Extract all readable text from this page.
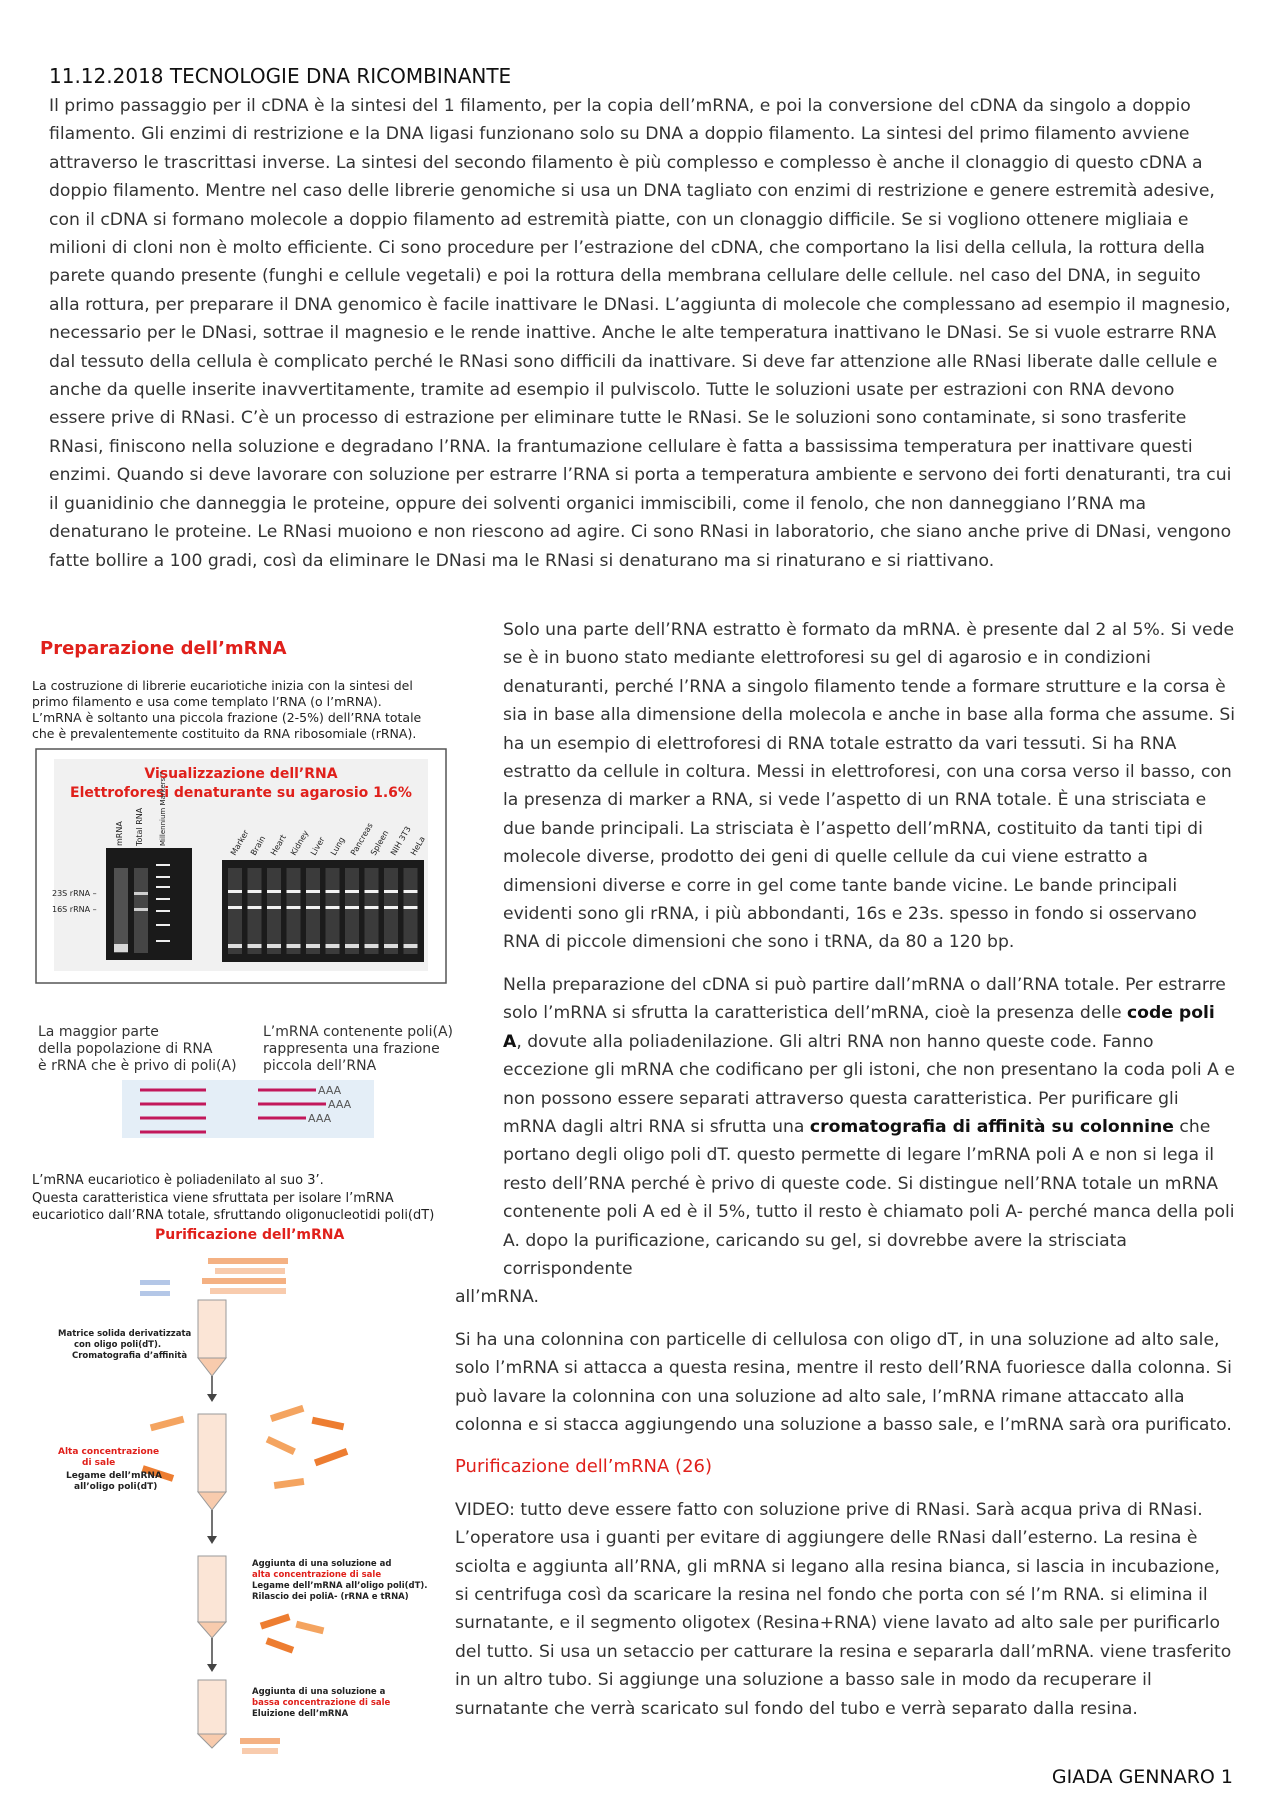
11.12.2018 TECNOLOGIE DNA RICOMBINANTE
Il primo passaggio per il cDNA è la sintesi del 1 filamento, per la copia dell’mRNA, e poi la conversione del cDNA da singolo a doppio filamento. Gli enzimi di restrizione e la DNA ligasi funzionano solo su DNA a doppio filamento. La sintesi del primo filamento avviene attraverso le trascrittasi inverse. La sintesi del secondo filamento è più complesso e complesso è anche il clonaggio di questo cDNA a doppio filamento. Mentre nel caso delle librerie genomiche si usa un DNA tagliato con enzimi di restrizione e genere estremità adesive, con il cDNA si formano molecole a doppio filamento ad estremità piatte, con un clonaggio difficile. Se si vogliono ottenere migliaia e milioni di cloni non è molto efficiente. Ci sono procedure per l’estrazione del cDNA, che comportano la lisi della cellula, la rottura della parete quando presente (funghi e cellule vegetali) e poi la rottura della membrana cellulare delle cellule. nel caso del DNA, in seguito alla rottura, per preparare il DNA genomico è facile inattivare le DNasi. L’aggiunta di molecole che complessano ad esempio il magnesio, necessario per le DNasi, sottrae il magnesio e le rende inattive. Anche le alte temperatura inattivano le DNasi. Se si vuole estrarre RNA dal tessuto della cellula è complicato perché le RNasi sono difficili da inattivare. Si deve far attenzione alle RNasi liberate dalle cellule e anche da quelle inserite inavvertitamente, tramite ad esempio il pulviscolo. Tutte le soluzioni usate per estrazioni con RNA devono essere prive di RNasi. C’è un processo di estrazione per eliminare tutte le RNasi. Se le soluzioni sono contaminate, si sono trasferite RNasi, finiscono nella soluzione e degradano l’RNA. la frantumazione cellulare è fatta a bassissima temperatura per inattivare questi enzimi. Quando si deve lavorare con soluzione per estrarre l’RNA si porta a temperatura ambiente e servono dei forti denaturanti, tra cui il guanidinio che danneggia le proteine, oppure dei solventi organici immiscibili, come il fenolo, che non danneggiano l’RNA ma denaturano le proteine. Le RNasi muoiono e non riescono ad agire. Ci sono RNasi in laboratorio, che siano anche prive di DNasi, vengono fatte bollire a 100 gradi, così da eliminare le DNasi ma le RNasi si denaturano ma si rinaturano e si riattivano.
Preparazione dell’mRNA
La costruzione di librerie eucariotiche inizia con la sintesi del
primo filamento e usa come templato l’RNA (o l’mRNA).
L’mRNA è soltanto una piccola frazione (2-5%) dell’RNA totale
che è prevalentemente costituito da RNA ribosomiale (rRNA).
Visualizzazione dell’RNA
Elettroforesi denaturante su agarosio 1.6%
mRNA Total RNA Millennium Markers™
23S rRNA –
16S rRNA –
Marker
Brain Heart Kidney
Liver Lung Pancreas
Spleen
NIH 3T3
HeLa
La maggior parte
della popolazione di RNA
è rRNA che è privo di poli(A)
L’mRNA contenente poli(A)
rappresenta una frazione
piccola dell’RNA
AAA
AAA
AAA
L’mRNA eucariotico è poliadenilato al suo 3’.
Questa caratteristica viene sfruttata per isolare l’mRNA
eucariotico dall’RNA totale, sfruttando oligonucleotidi poli(dT)
Purificazione dell’mRNA
Matrice solida derivatizzata
con oligo poli(dT).
Cromatografia d’affinità
Alta concentrazione
di sale
Legame dell’mRNA
all’oligo poli(dT)
Aggiunta di una soluzione ad
alta concentrazione di sale
Legame dell’mRNA all’oligo poli(dT).
Rilascio dei poliA- (rRNA e tRNA)
Aggiunta di una soluzione a
bassa concentrazione di sale
Eluizione dell’mRNA

Solo una parte dell’RNA estratto è formato da mRNA. è presente dal 2 al 5%. Si vede se è in buono stato mediante elettroforesi su gel di agarosio e in condizioni denaturanti, perché l’RNA a singolo filamento tende a formare strutture e la corsa è sia in base alla dimensione della molecola e anche in base alla forma che assume. Si ha un esempio di elettroforesi di RNA totale estratto da vari tessuti. Si ha RNA estratto da cellule in coltura. Messi in elettroforesi, con una corsa verso il basso, con la presenza di marker a RNA, si vede l’aspetto di un RNA totale. È una strisciata e due bande principali. La strisciata è l’aspetto dell’mRNA, costituito da tanti tipi di molecole diverse, prodotto dei geni di quelle cellule da cui viene estratto a dimensioni diverse e corre in gel come tante bande vicine. Le bande principali evidenti sono gli rRNA, i più abbondanti, 16s e 23s. spesso in fondo si osservano RNA di piccole dimensioni che sono i tRNA, da 80 a 120 bp.

Nella preparazione del cDNA si può partire dall’mRNA o dall’RNA totale. Per estrarre solo l’mRNA si sfrutta la caratteristica dell’mRNA, cioè la presenza delle code poli A, dovute alla poliadenilazione. Gli altri RNA non hanno queste code. Fanno eccezione gli mRNA che codificano per gli istoni, che non presentano la coda poli A e non possono essere separati attraverso questa caratteristica. Per purificare gli mRNA dagli altri RNA si sfrutta una cromatografia di affinità su colonnine che portano degli oligo poli dT. questo permette di legare l’mRNA poli A e non si lega il resto dell’RNA perché è privo di queste code. Si distingue nell’RNA totale un mRNA contenente poli A ed è il 5%, tutto il resto è chiamato poli A- perché manca della poli A. dopo la purificazione, caricando su gel, si dovrebbe avere la strisciata corrispondente
all’mRNA.

Si ha una colonnina con particelle di cellulosa con oligo dT, in una soluzione ad alto sale, solo l’mRNA si attacca a questa resina, mentre il resto dell’RNA fuoriesce dalla colonna. Si può lavare la colonnina con una soluzione ad alto sale, l’mRNA rimane attaccato alla colonna e si stacca aggiungendo una soluzione a basso sale, e l’mRNA sarà ora purificato.

Purificazione dell’mRNA (26)

VIDEO: tutto deve essere fatto con soluzione prive di RNasi. Sarà acqua priva di RNasi. L’operatore usa i guanti per evitare di aggiungere delle RNasi dall’esterno. La resina è sciolta e aggiunta all’RNA, gli mRNA si legano alla resina bianca, si lascia in incubazione, si centrifuga così da scaricare la resina nel fondo che porta con sé l’m RNA. si elimina il surnatante, e il segmento oligotex (Resina+RNA) viene lavato ad alto sale per purificarlo del tutto. Si usa un setaccio per catturare la resina e separarla dall’mRNA. viene trasferito in un altro tubo. Si aggiunge una soluzione a basso sale in modo da recuperare il surnatante che verrà scaricato sul fondo del tubo e verrà separato dalla resina.

GIADA GENNARO 1
